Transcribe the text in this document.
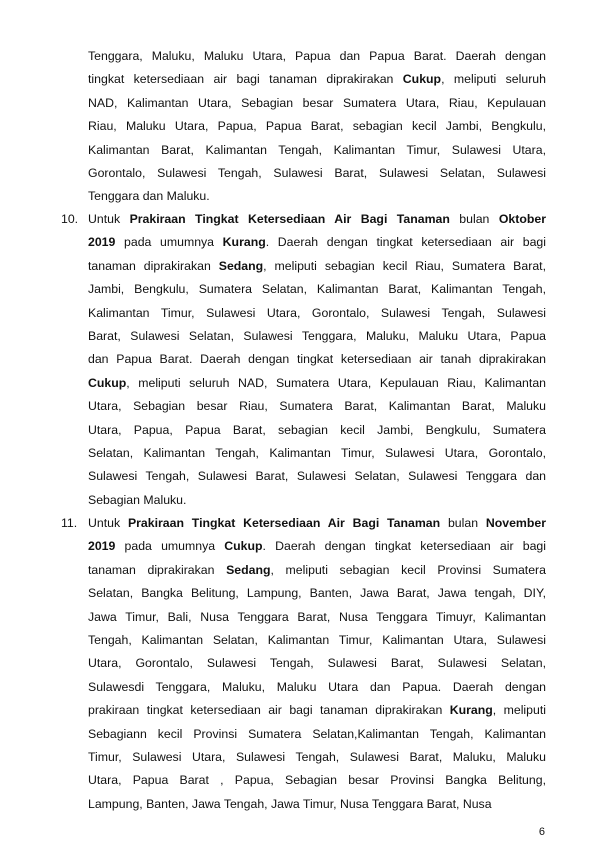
Tenggara, Maluku, Maluku Utara, Papua dan Papua Barat. Daerah dengan
tingkat ketersediaan air bagi tanaman diprakirakan Cukup, meliputi seluruh
NAD, Kalimantan Utara, Sebagian besar Sumatera Utara, Riau, Kepulauan
Riau, Maluku Utara, Papua, Papua Barat, sebagian kecil Jambi, Bengkulu,
Kalimantan Barat, Kalimantan Tengah, Kalimantan Timur, Sulawesi Utara,
Gorontalo, Sulawesi Tengah, Sulawesi Barat, Sulawesi Selatan, Sulawesi
Tenggara dan Maluku.
10. Untuk Prakiraan Tingkat Ketersediaan Air Bagi Tanaman bulan Oktober
2019 pada umumnya Kurang. Daerah dengan tingkat ketersediaan air bagi
tanaman diprakirakan Sedang, meliputi sebagian kecil Riau, Sumatera Barat,
Jambi, Bengkulu, Sumatera Selatan, Kalimantan Barat, Kalimantan Tengah,
Kalimantan Timur, Sulawesi Utara, Gorontalo, Sulawesi Tengah, Sulawesi
Barat, Sulawesi Selatan, Sulawesi Tenggara, Maluku, Maluku Utara, Papua
dan Papua Barat. Daerah dengan tingkat ketersediaan air tanah diprakirakan
Cukup, meliputi seluruh NAD, Sumatera Utara, Kepulauan Riau, Kalimantan
Utara, Sebagian besar Riau, Sumatera Barat, Kalimantan Barat, Maluku
Utara, Papua, Papua Barat, sebagian kecil Jambi, Bengkulu, Sumatera
Selatan, Kalimantan Tengah, Kalimantan Timur, Sulawesi Utara, Gorontalo,
Sulawesi Tengah, Sulawesi Barat, Sulawesi Selatan, Sulawesi Tenggara dan
Sebagian Maluku.
11. Untuk Prakiraan Tingkat Ketersediaan Air Bagi Tanaman bulan November
2019 pada umumnya Cukup. Daerah dengan tingkat ketersediaan air bagi
tanaman diprakirakan Sedang, meliputi sebagian kecil Provinsi Sumatera
Selatan, Bangka Belitung, Lampung, Banten, Jawa Barat, Jawa tengah, DIY,
Jawa Timur, Bali, Nusa Tenggara Barat, Nusa Tenggara Timuyr, Kalimantan
Tengah, Kalimantan Selatan, Kalimantan Timur, Kalimantan Utara, Sulawesi
Utara, Gorontalo, Sulawesi Tengah, Sulawesi Barat, Sulawesi Selatan,
Sulawesdi Tenggara, Maluku, Maluku Utara dan Papua. Daerah dengan
prakiraan tingkat ketersediaan air bagi tanaman diprakirakan Kurang, meliputi
Sebagiann kecil Provinsi Sumatera Selatan,Kalimantan Tengah, Kalimantan
Timur, Sulawesi Utara, Sulawesi Tengah, Sulawesi Barat, Maluku, Maluku
Utara, Papua Barat , Papua, Sebagian besar Provinsi Bangka Belitung,
Lampung, Banten, Jawa Tengah, Jawa Timur, Nusa Tenggara Barat, Nusa
6
